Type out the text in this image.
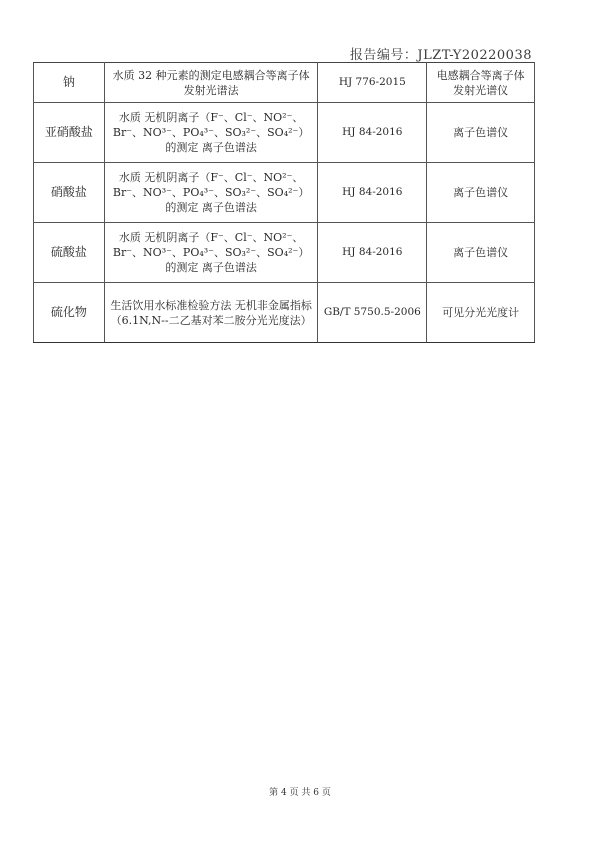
报告编号：JLZT-Y20220038
钠	水质 32 种元素的测定电感耦合等离子体发射光谱法	HJ 776-2015	电感耦合等离子体发射光谱仪
亚硝酸盐	水质 无机阴离子（F⁻、Cl⁻、NO²⁻、Br⁻、NO³⁻、PO₄³⁻、SO₃²⁻、SO₄²⁻）的测定 离子色谱法	HJ 84-2016	离子色谱仪
硝酸盐	水质 无机阴离子（F⁻、Cl⁻、NO²⁻、Br⁻、NO³⁻、PO₄³⁻、SO₃²⁻、SO₄²⁻）的测定 离子色谱法	HJ 84-2016	离子色谱仪
硫酸盐	水质 无机阴离子（F⁻、Cl⁻、NO²⁻、Br⁻、NO³⁻、PO₄³⁻、SO₃²⁻、SO₄²⁻）的测定 离子色谱法	HJ 84-2016	离子色谱仪
硫化物	生活饮用水标准检验方法 无机非金属指标（6.1N,N--二乙基对苯二胺分光光度法）	GB/T 5750.5-2006	可见分光光度计
第 4 页 共 6 页
